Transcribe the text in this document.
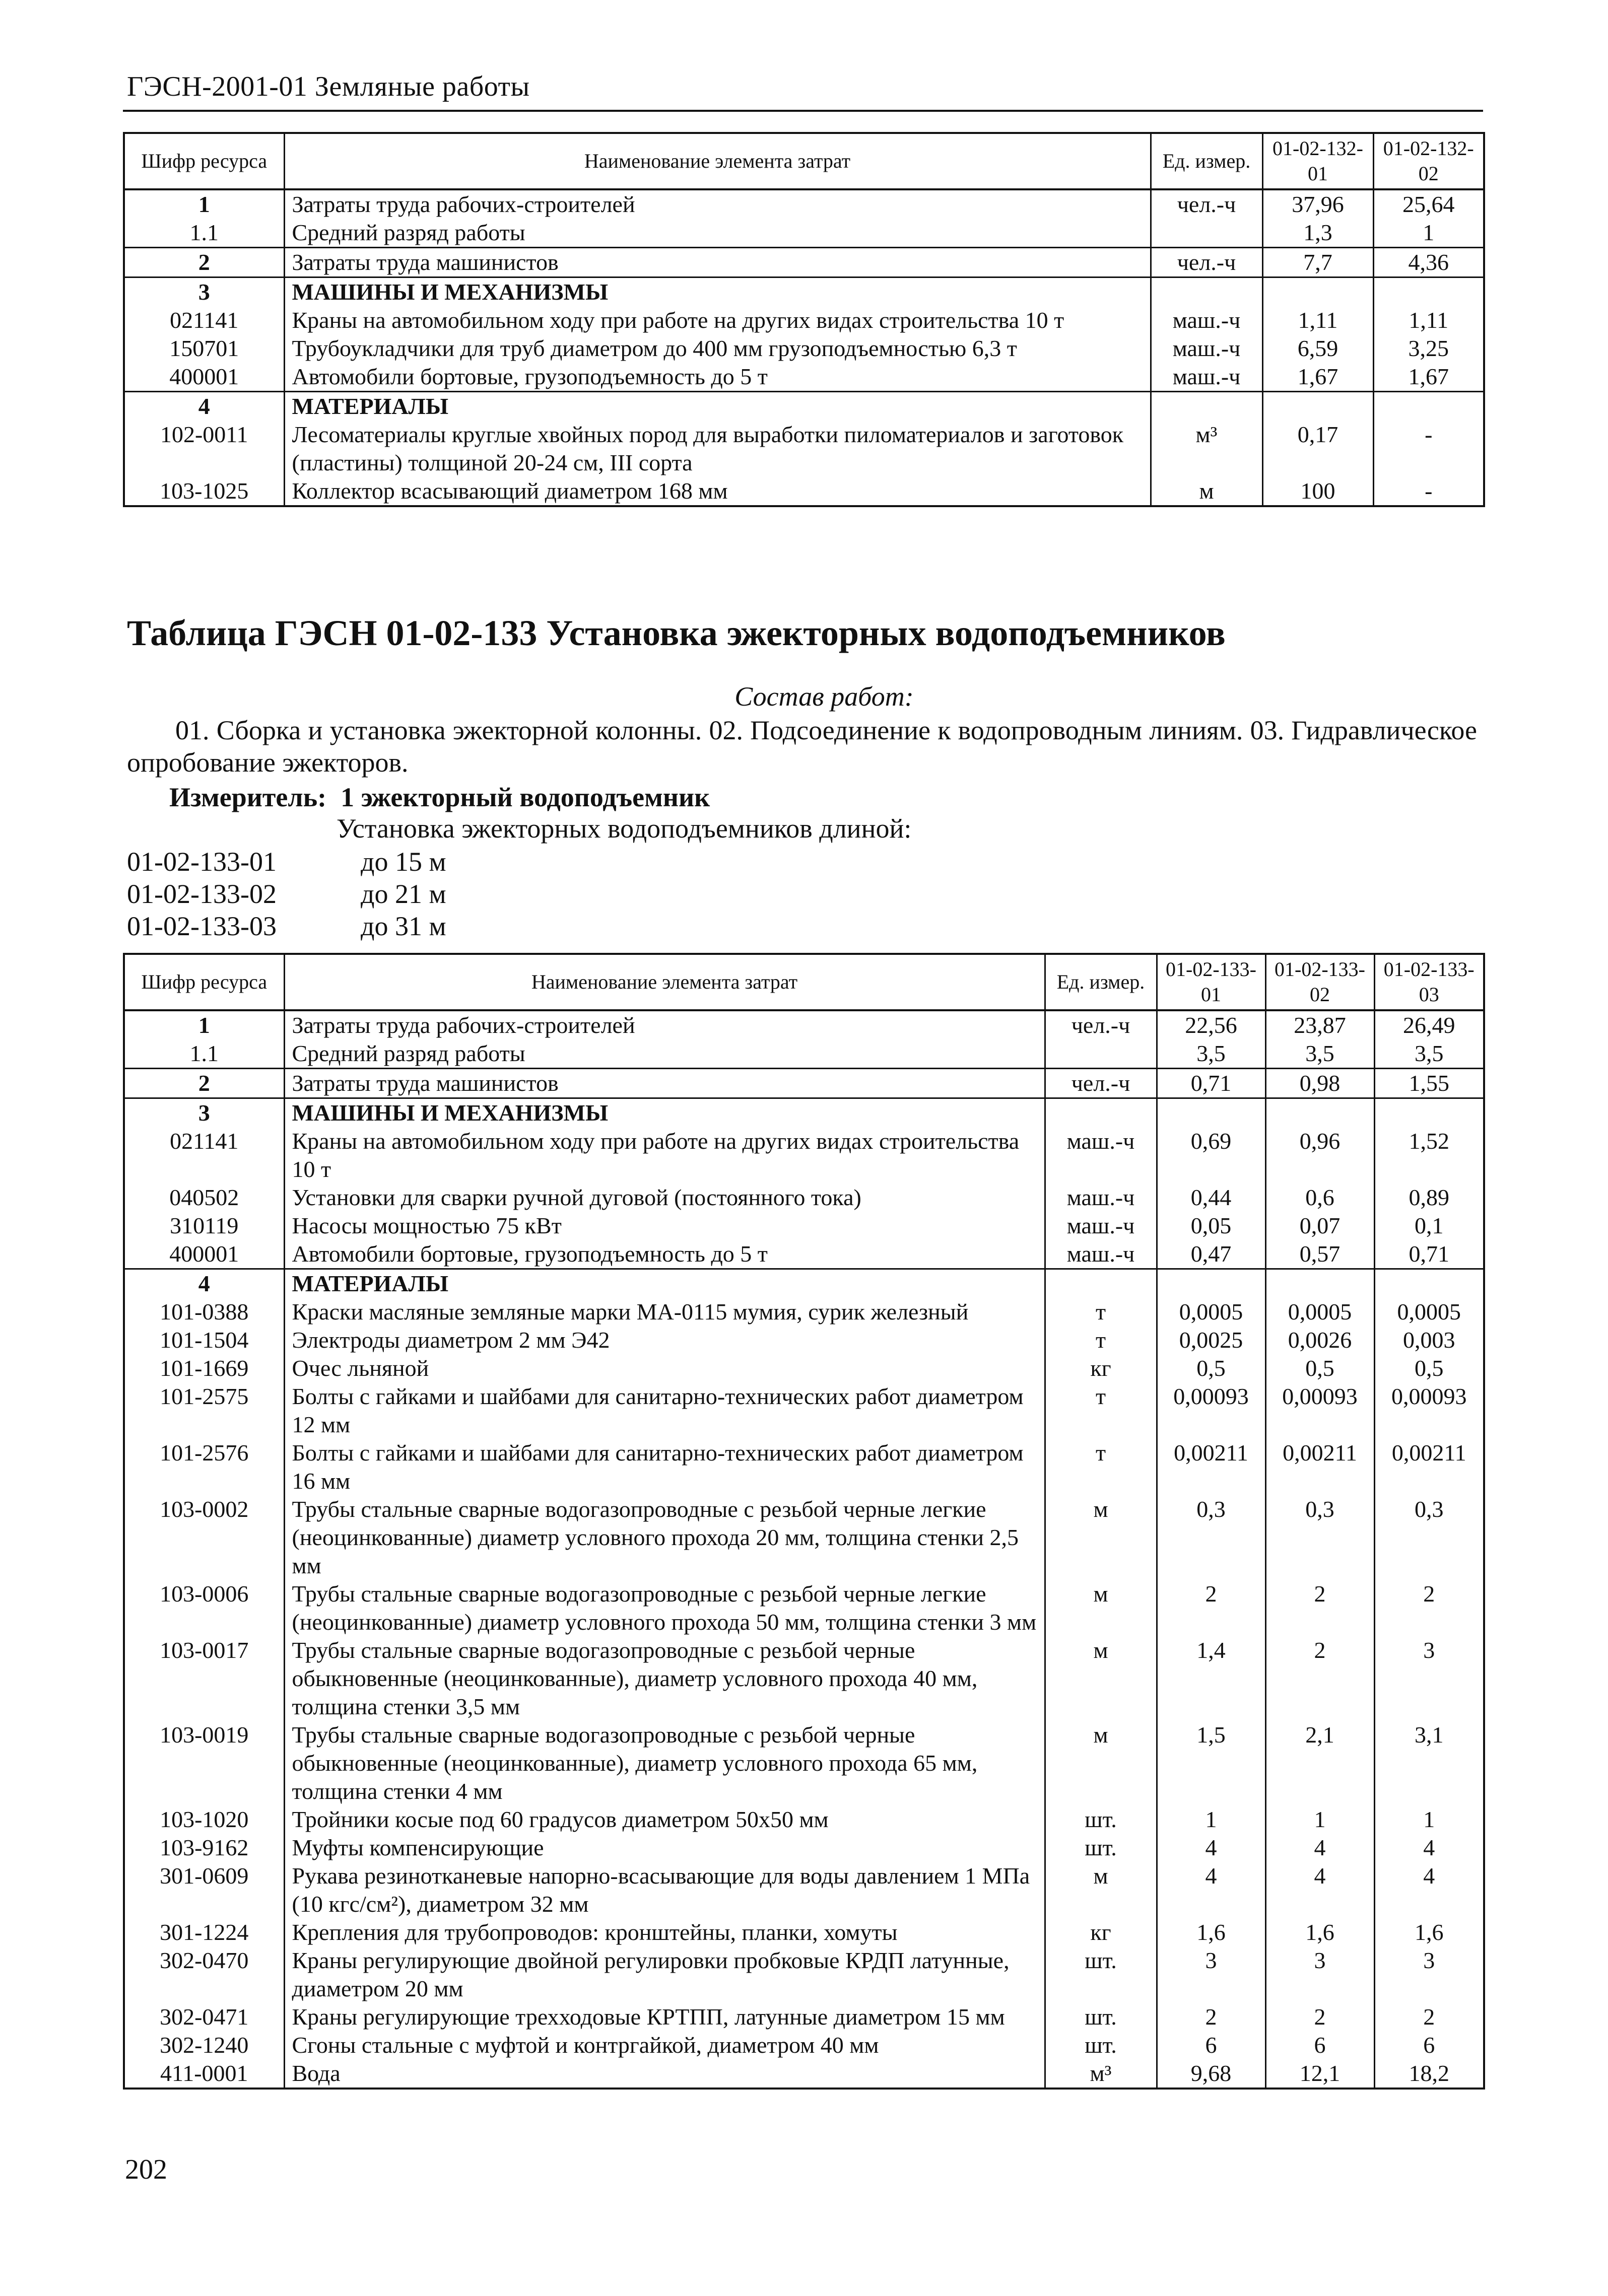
ГЭСН-2001-01 Земляные работы
Шифр ресурса	Наименование элемента затрат	Ед. измер.	01-02-132-01	01-02-132-02
1	Затраты труда рабочих-строителей	чел.-ч	37,96	25,64
1.1	Средний разряд работы		1,3	1
2	Затраты труда машинистов	чел.-ч	7,7	4,36
3	МАШИНЫ И МЕХАНИЗМЫ			
021141	Краны на автомобильном ходу при работе на других видах строительства 10 т	маш.-ч	1,11	1,11
150701	Трубоукладчики для труб диаметром до 400 мм грузоподъемностью 6,3 т	маш.-ч	6,59	3,25
400001	Автомобили бортовые, грузоподъемность до 5 т	маш.-ч	1,67	1,67
4	МАТЕРИАЛЫ			
102-0011	Лесоматериалы круглые хвойных пород для выработки пиломатериалов и заготовок (пластины) толщиной 20-24 см, III сорта	м³	0,17	-
103-1025	Коллектор всасывающий диаметром 168 мм	м	100	-
Таблица ГЭСН 01-02-133 Установка эжекторных водоподъемников
Состав работ:
01. Сборка и установка эжекторной колонны. 02. Подсоединение к водопроводным линиям. 03. Гидравлическое опробование эжекторов.
Измеритель: 1 эжекторный водоподъемник
Установка эжекторных водоподъемников длиной:
01-02-133-01	до 15 м
01-02-133-02	до 21 м
01-02-133-03	до 31 м
Шифр ресурса	Наименование элемента затрат	Ед. измер.	01-02-133-01	01-02-133-02	01-02-133-03
1	Затраты труда рабочих-строителей	чел.-ч	22,56	23,87	26,49
1.1	Средний разряд работы		3,5	3,5	3,5
2	Затраты труда машинистов	чел.-ч	0,71	0,98	1,55
3	МАШИНЫ И МЕХАНИЗМЫ				
021141	Краны на автомобильном ходу при работе на других видах строительства 10 т	маш.-ч	0,69	0,96	1,52
040502	Установки для сварки ручной дуговой (постоянного тока)	маш.-ч	0,44	0,6	0,89
310119	Насосы мощностью 75 кВт	маш.-ч	0,05	0,07	0,1
400001	Автомобили бортовые, грузоподъемность до 5 т	маш.-ч	0,47	0,57	0,71
4	МАТЕРИАЛЫ				
101-0388	Краски масляные земляные марки МА-0115 мумия, сурик железный	т	0,0005	0,0005	0,0005
101-1504	Электроды диаметром 2 мм Э42	т	0,0025	0,0026	0,003
101-1669	Очес льняной	кг	0,5	0,5	0,5
101-2575	Болты с гайками и шайбами для санитарно-технических работ диаметром 12 мм	т	0,00093	0,00093	0,00093
101-2576	Болты с гайками и шайбами для санитарно-технических работ диаметром 16 мм	т	0,00211	0,00211	0,00211
103-0002	Трубы стальные сварные водогазопроводные с резьбой черные легкие (неоцинкованные) диаметр условного прохода 20 мм, толщина стенки 2,5 мм	м	0,3	0,3	0,3
103-0006	Трубы стальные сварные водогазопроводные с резьбой черные легкие (неоцинкованные) диаметр условного прохода 50 мм, толщина стенки 3 мм	м	2	2	2
103-0017	Трубы стальные сварные водогазопроводные с резьбой черные обыкновенные (неоцинкованные), диаметр условного прохода 40 мм, толщина стенки 3,5 мм	м	1,4	2	3
103-0019	Трубы стальные сварные водогазопроводные с резьбой черные обыкновенные (неоцинкованные), диаметр условного прохода 65 мм, толщина стенки 4 мм	м	1,5	2,1	3,1
103-1020	Тройники косые под 60 градусов диаметром 50х50 мм	шт.	1	1	1
103-9162	Муфты компенсирующие	шт.	4	4	4
301-0609	Рукава резинотканевые напорно-всасывающие для воды давлением 1 МПа (10 кгс/см²), диаметром 32 мм	м	4	4	4
301-1224	Крепления для трубопроводов: кронштейны, планки, хомуты	кг	1,6	1,6	1,6
302-0470	Краны регулирующие двойной регулировки пробковые КРДП латунные, диаметром 20 мм	шт.	3	3	3
302-0471	Краны регулирующие трехходовые КРТПП, латунные диаметром 15 мм	шт.	2	2	2
302-1240	Сгоны стальные с муфтой и контргайкой, диаметром 40 мм	шт.	6	6	6
411-0001	Вода	м³	9,68	12,1	18,2
202
